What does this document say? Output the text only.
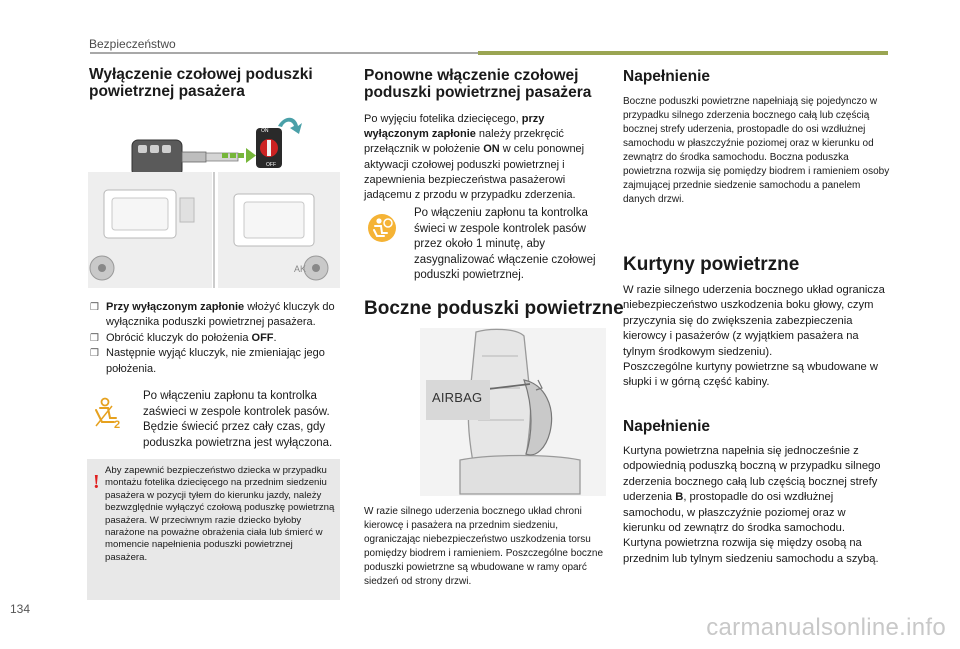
Bezpieczeństwo
Wyłączenie czołowej poduszki powietrznej pasażera
ON
OFF
AK
❒ Przy wyłączonym zapłonie włożyć kluczyk do wyłącznika poduszki powietrznej pasażera.
❒ Obrócić kluczyk do położenia OFF.
❒ Następnie wyjąć kluczyk, nie zmieniając jego położenia.
2
Po włączeniu zapłonu ta kontrolka zaświeci w zespole kontrolek pasów. Będzie świecić przez cały czas, gdy poduszka powietrzna jest wyłączona.
!
Aby zapewnić bezpieczeństwo dziecka w przypadku montażu fotelika dziecięcego na przednim siedzeniu pasażera w pozycji tyłem do kierunku jazdy, należy bezwzględnie wyłączyć czołową poduszkę powietrzną pasażera. W przeciwnym razie dziecko byłoby narażone na poważne obrażenia ciała lub śmierć w momencie napełnienia poduszki powietrznej pasażera.
Ponowne włączenie czołowej poduszki powietrznej pasażera
Po wyjęciu fotelika dziecięcego, przy wyłączonym zapłonie należy przekręcić przełącznik w położenie ON w celu ponownej aktywacji czołowej poduszki powietrznej i zapewnienia bezpieczeństwa pasażerowi jadącemu z przodu w przypadku zderzenia.
Po włączeniu zapłonu ta kontrolka świeci w zespole kontrolek pasów przez około 1 minutę, aby zasygnalizować włączenie czołowej poduszki powietrznej.
Boczne poduszki powietrzne
AIRBAG
W razie silnego uderzenia bocznego układ chroni kierowcę i pasażera na przednim siedzeniu, ograniczając niebezpieczeństwo uszkodzenia torsu pomiędzy biodrem i ramieniem. Poszczególne boczne poduszki powietrzne są wbudowane w ramy oparć siedzeń od strony drzwi.
Napełnienie
Boczne poduszki powietrzne napełniają się pojedynczo w przypadku silnego zderzenia bocznego całą lub częścią bocznej strefy uderzenia, prostopadle do osi wzdłużnej samochodu w płaszczyźnie poziomej oraz w kierunku od zewnątrz do środka samochodu. Boczna poduszka powietrzna rozwija się pomiędzy biodrem i ramieniem osoby zajmującej przednie siedzenie samochodu a panelem danych drzwi.
Kurtyny powietrzne
W razie silnego uderzenia bocznego układ ogranicza niebezpieczeństwo uszkodzenia boku głowy, czym przyczynia się do zwiększenia zabezpieczenia kierowcy i pasażerów (z wyjątkiem pasażera na tylnym środkowym siedzeniu).
Poszczególne kurtyny powietrzne są wbudowane w słupki i w górną część kabiny.
Napełnienie
Kurtyna powietrzna napełnia się jednocześnie z odpowiednią poduszką boczną w przypadku silnego zderzenia bocznego całą lub częścią bocznej strefy uderzenia B, prostopadle do osi wzdłużnej samochodu, w płaszczyźnie poziomej oraz w kierunku od zewnątrz do środka samochodu.
Kurtyna powietrzna rozwija się między osobą na przednim lub tylnym siedzeniu samochodu a szybą.
134
carmanualsonline.info
